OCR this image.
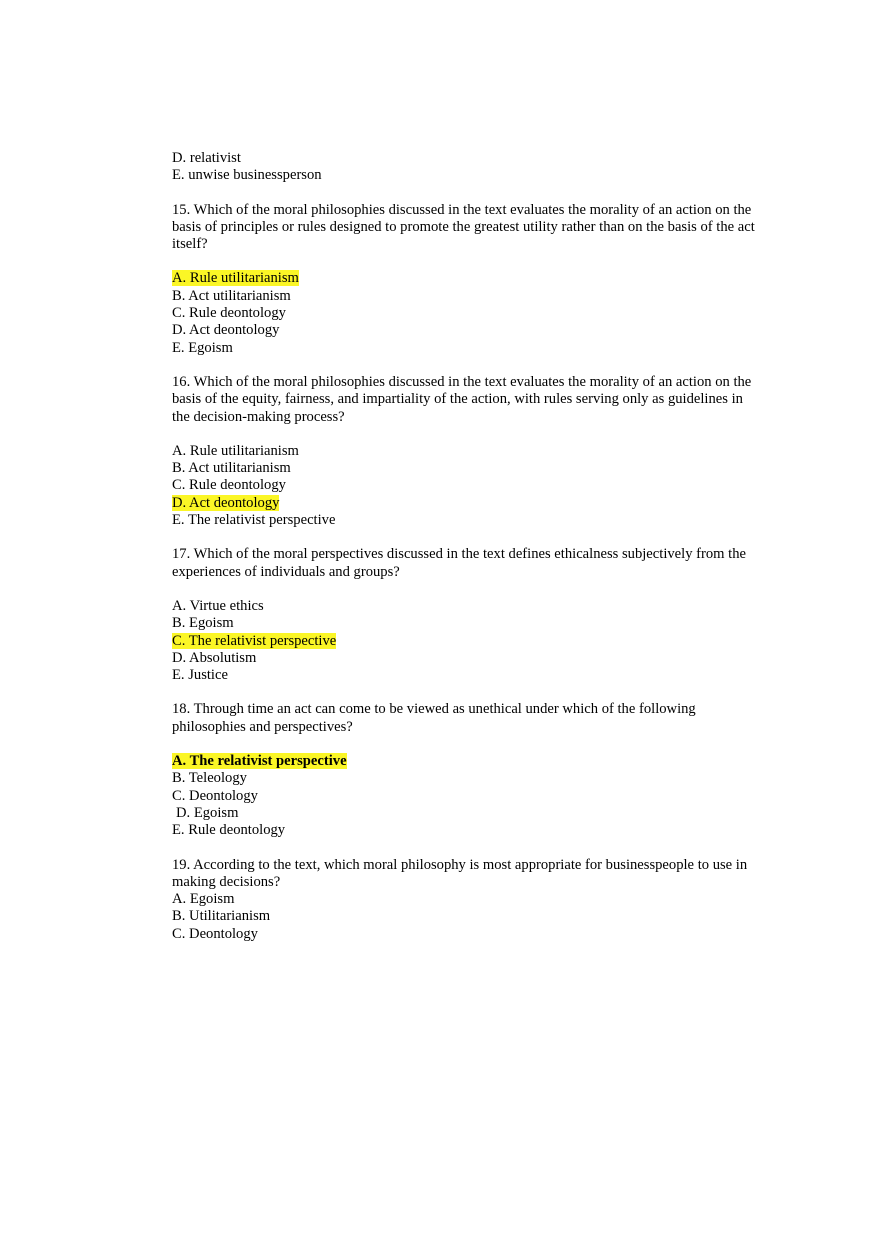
D. relativist
E. unwise businessperson
15. Which of the moral philosophies discussed in the text evaluates the morality of an action on the basis of principles or rules designed to promote the greatest utility rather than on the basis of the act itself?
A. Rule utilitarianism
B. Act utilitarianism
C. Rule deontology
D. Act deontology
E. Egoism
16. Which of the moral philosophies discussed in the text evaluates the morality of an action on the basis of the equity, fairness, and impartiality of the action, with rules serving only as guidelines in the decision-making process?
A. Rule utilitarianism
B. Act utilitarianism
C. Rule deontology
D. Act deontology
E. The relativist perspective
17. Which of the moral perspectives discussed in the text defines ethicalness subjectively from the experiences of individuals and groups?
A. Virtue ethics
B. Egoism
C. The relativist perspective
D. Absolutism
E. Justice
18. Through time an act can come to be viewed as unethical under which of the following philosophies and perspectives?
A. The relativist perspective
B. Teleology
C. Deontology
D. Egoism
E. Rule deontology
19. According to the text, which moral philosophy is most appropriate for businesspeople to use in making decisions?
A. Egoism
B. Utilitarianism
C. Deontology
